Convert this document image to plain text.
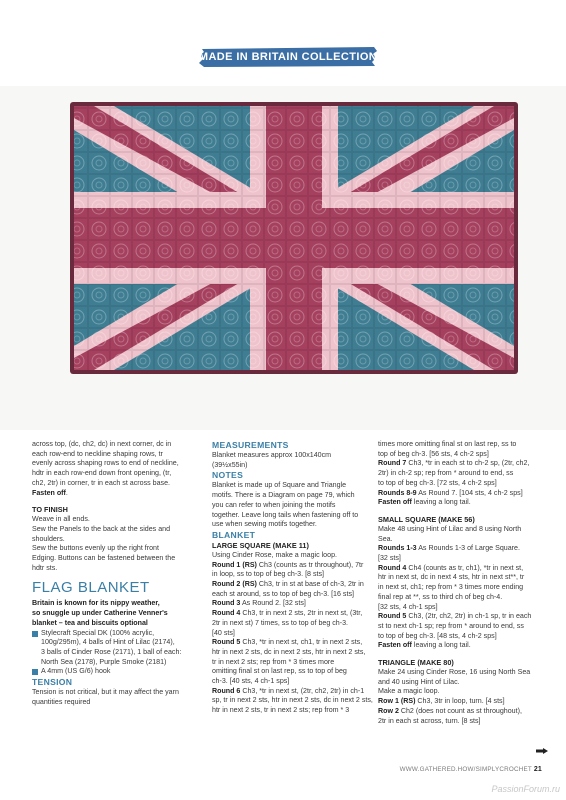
MADE IN BRITAIN COLLECTION

across top, (dc, ch2, dc) in next corner, dc in

each row-end to neckline shaping rows, tr

evenly across shaping rows to end of neckline,

hdtr in each row-end down front opening, (tr,

ch2, 2tr) in corner, tr in each st across base.

Fasten off.

TO FINISH

Weave in all ends.

Sew the Panels to the back at the sides and

shoulders.

Sew the buttons evenly up the right front

Edging. Buttons can be fastened between the

hdtr sts.

FLAG BLANKET

Britain is known for its nippy weather,

so snuggle up under Catherine Venner's

blanket – tea and biscuits optional

Stylecraft Special DK (100% acrylic,

100g/295m), 4 balls of Hint of Lilac (2174),

3 balls of Cinder Rose (2171), 1 ball of each:

North Sea (2178), Purple Smoke (2181)

A 4mm (US G/6) hook

TENSION

Tension is not critical, but it may affect the yarn

quantities required

MEASUREMENTS

Blanket measures approx 100x140cm

(39½x55in)

NOTES

Blanket is made up of Square and Triangle

motifs. There is a Diagram on page 79, which

you can refer to when joining the motifs

together. Leave long tails when fastening off to

use when sewing motifs together.

BLANKET

LARGE SQUARE (MAKE 11)

Using Cinder Rose, make a magic loop.

Round 1 (RS) Ch3 (counts as tr throughout), 7tr

in loop, ss to top of beg ch-3. [8 sts]

Round 2 (RS) Ch3, tr in st at base of ch-3, 2tr in

each st around, ss to top of beg ch-3. [16 sts]

Round 3 As Round 2. [32 sts]

Round 4 Ch3, tr in next 2 sts, 2tr in next st, (3tr,

2tr in next st) 7 times, ss to top of beg ch-3.

[40 sts]

Round 5 Ch3, *tr in next st, ch1, tr in next 2 sts,

htr in next 2 sts, dc in next 2 sts, htr in next 2 sts,

tr in next 2 sts; rep from * 3 times more

omitting final st on last rep, ss to top of beg

ch-3. [40 sts, 4 ch-1 sps]

Round 6 Ch3, *tr in next st, (2tr, ch2, 2tr) in ch-1

sp, tr in next 2 sts, htr in next 2 sts, dc in next 2 sts,

htr in next 2 sts, tr in next 2 sts; rep from * 3

times more omitting final st on last rep, ss to

top of beg ch-3. [56 sts, 4 ch-2 sps]

Round 7 Ch3, *tr in each st to ch-2 sp, (2tr, ch2,

2tr) in ch-2 sp; rep from * around to end, ss

to top of beg ch-3. [72 sts, 4 ch-2 sps]

Rounds 8-9 As Round 7. [104 sts, 4 ch-2 sps]

Fasten off leaving a long tail.

SMALL SQUARE (MAKE 56)

Make 48 using Hint of Lilac and 8 using North

Sea.

Rounds 1-3 As Rounds 1-3 of Large Square.

[32 sts]

Round 4 Ch4 (counts as tr, ch1), *tr in next st,

htr in next st, dc in next 4 sts, htr in next st**, tr

in next st, ch1; rep from * 3 times more ending

final rep at **, ss to third ch of beg ch-4.

[32 sts, 4 ch-1 sps]

Round 5 Ch3, (2tr, ch2, 2tr) in ch-1 sp, tr in each

st to next ch-1 sp; rep from * around to end, ss

to top of beg ch-3. [48 sts, 4 ch-2 sps]

Fasten off leaving a long tail.

TRIANGLE (MAKE 80)

Make 24 using Cinder Rose, 16 using North Sea

and 40 using Hint of Lilac.

Make a magic loop.

Row 1 (RS) Ch3, 3tr in loop, turn. [4 sts]

Row 2 Ch2 (does not count as st throughout),

2tr in each st across, turn. [8 sts]

WWW.GATHERED.HOW/SIMPLYCROCHET 21
PassionForum.ru
